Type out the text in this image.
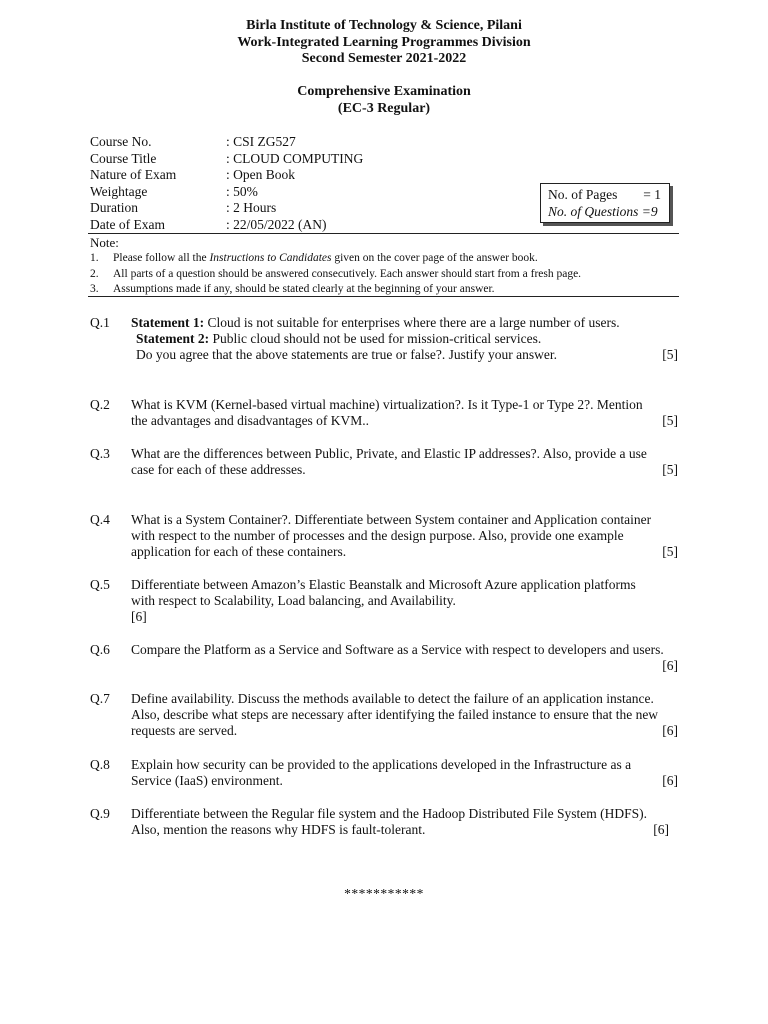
Birla Institute of Technology & Science, Pilani
Work-Integrated Learning Programmes Division
Second Semester 2021-2022
Comprehensive Examination
(EC-3 Regular)
Course No.	: CSI ZG527
Course Title	: CLOUD COMPUTING
Nature of Exam	: Open Book
Weightage	: 50%
Duration	: 2 Hours
Date of Exam	: 22/05/2022 (AN)
No. of Pages = 1
No. of Questions =9
Note:
1.	Please follow all the Instructions to Candidates given on the cover page of the answer book.
2.	All parts of a question should be answered consecutively. Each answer should start from a fresh page.
3.	Assumptions made if any, should be stated clearly at the beginning of your answer.
Q.1	Statement 1: Cloud is not suitable for enterprises where there are a large number of users.
Statement 2: Public cloud should not be used for mission-critical services.
Do you agree that the above statements are true or false?. Justify your answer.	[5]
Q.2	What is KVM (Kernel-based virtual machine) virtualization?. Is it Type-1 or Type 2?. Mention
the advantages and disadvantages of KVM..	[5]
Q.3	What are the differences between Public, Private, and Elastic IP addresses?. Also, provide a use
case for each of these addresses.	[5]
Q.4	What is a System Container?. Differentiate between System container and Application container
with respect to the number of processes and the design purpose. Also, provide one example
application for each of these containers.	[5]
Q.5	Differentiate between Amazon’s Elastic Beanstalk and Microsoft Azure application platforms
with respect to Scalability, Load balancing, and Availability.
[6]
Q.6	Compare the Platform as a Service and Software as a Service with respect to developers and users.
[6]
Q.7	Define availability. Discuss the methods available to detect the failure of an application instance.
Also, describe what steps are necessary after identifying the failed instance to ensure that the new
requests are served.	[6]
Q.8	Explain how security can be provided to the applications developed in the Infrastructure as a
Service (IaaS) environment.	[6]
Q.9	Differentiate between the Regular file system and the Hadoop Distributed File System (HDFS).
Also, mention the reasons why HDFS is fault-tolerant.	[6]
***********
